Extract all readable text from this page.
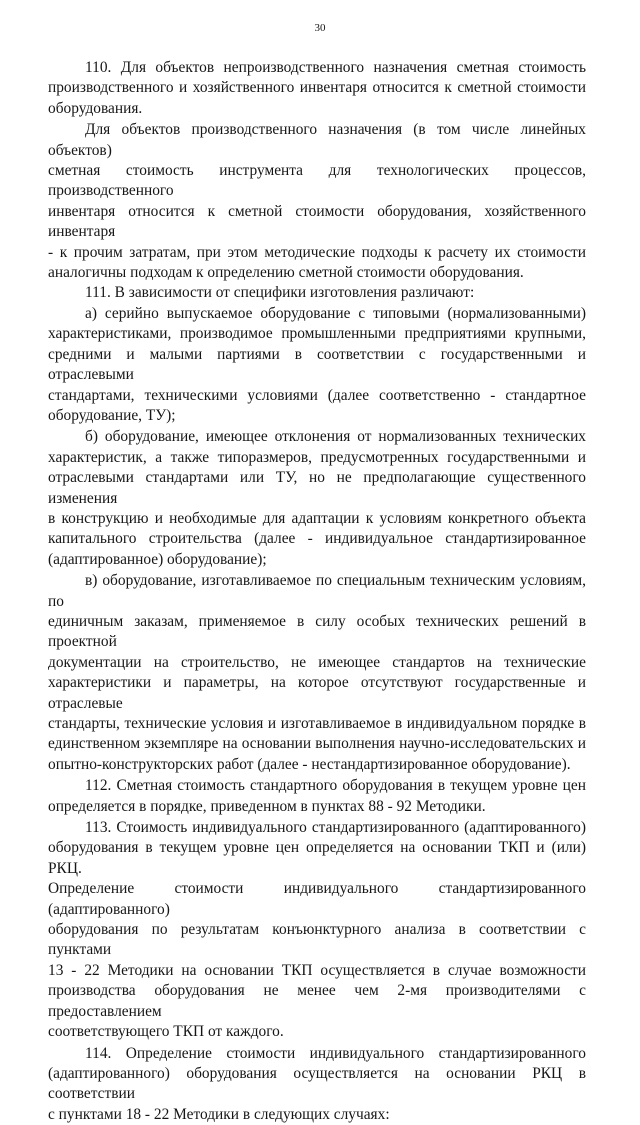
30

110. Для объектов непроизводственного назначения сметная стоимость

производственного и хозяйственного инвентаря относится к сметной стоимости

оборудования.

Для объектов производственного назначения (в том числе линейных объектов)

сметная стоимость инструмента для технологических процессов, производственного

инвентаря относится к сметной стоимости оборудования, хозяйственного инвентаря

- к прочим затратам, при этом методические подходы к расчету их стоимости

аналогичны подходам к определению сметной стоимости оборудования.

111. В зависимости от специфики изготовления различают:

а) серийно выпускаемое оборудование с типовыми (нормализованными)

характеристиками, производимое промышленными предприятиями крупными,

средними и малыми партиями в соответствии с государственными и отраслевыми

стандартами, техническими условиями (далее соответственно - стандартное

оборудование, ТУ);

б) оборудование, имеющее отклонения от нормализованных технических

характеристик, а также типоразмеров, предусмотренных государственными и

отраслевыми стандартами или ТУ, но не предполагающие существенного изменения

в конструкцию и необходимые для адаптации к условиям конкретного объекта

капитального строительства (далее - индивидуальное стандартизированное

(адаптированное) оборудование);

в) оборудование, изготавливаемое по специальным техническим условиям, по

единичным заказам, применяемое в силу особых технических решений в проектной

документации на строительство, не имеющее стандартов на технические

характеристики и параметры, на которое отсутствуют государственные и отраслевые

стандарты, технические условия и изготавливаемое в индивидуальном порядке в

единственном экземпляре на основании выполнения научно-исследовательских и

опытно-конструкторских работ (далее - нестандартизированное оборудование).

112. Сметная стоимость стандартного оборудования в текущем уровне цен

определяется в порядке, приведенном в пунктах 88 - 92 Методики.

113. Стоимость индивидуального стандартизированного (адаптированного)

оборудования в текущем уровне цен определяется на основании ТКП и (или) РКЦ.

Определение стоимости индивидуального стандартизированного (адаптированного)

оборудования по результатам конъюнктурного анализа в соответствии с пунктами

13 - 22 Методики на основании ТКП осуществляется в случае возможности

производства оборудования не менее чем 2-мя производителями с предоставлением

соответствующего ТКП от каждого.

114. Определение стоимости индивидуального стандартизированного

(адаптированного) оборудования осуществляется на основании РКЦ в соответствии

с пунктами 18 - 22 Методики в следующих случаях:
